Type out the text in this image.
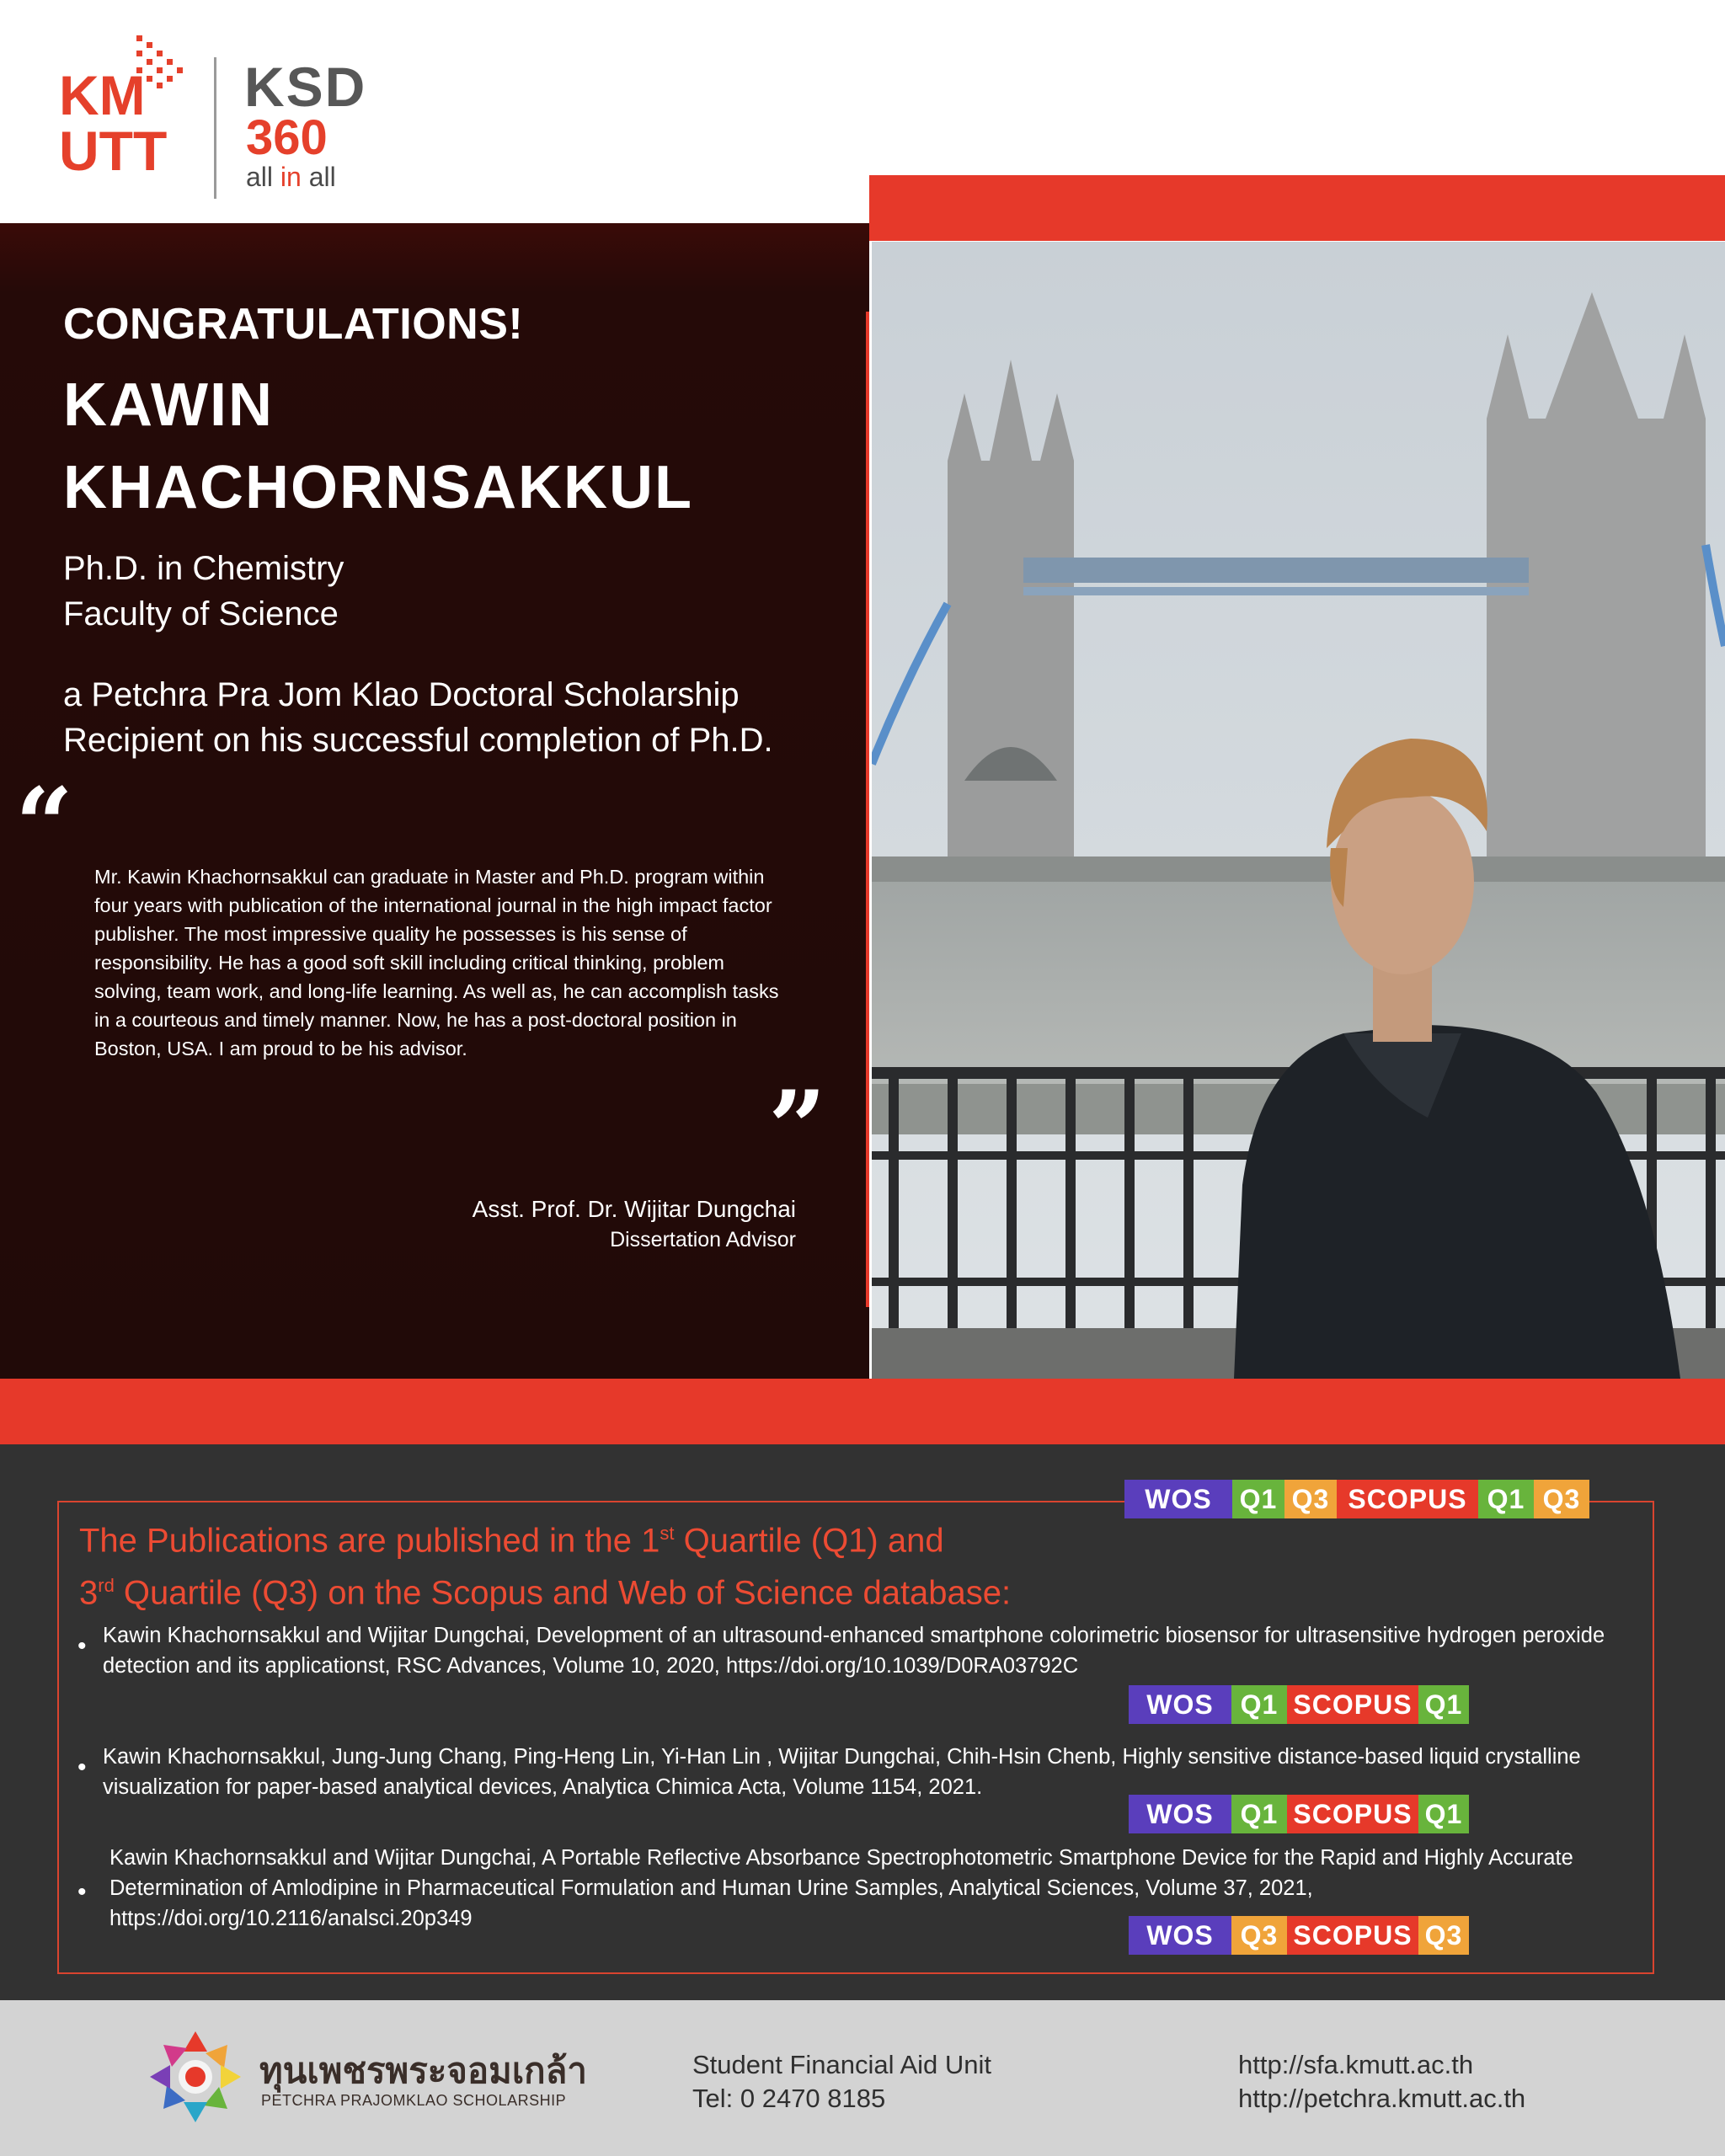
KM
UTT
KSD
360
all in all
CONGRATULATIONS!
KAWIN
KHACHORNSAKKUL
Ph.D. in Chemistry
Faculty of Science
a Petchra Pra Jom Klao Doctoral Scholarship
Recipient on his successful completion of Ph.D.
“ Mr. Kawin Khachornsakkul can graduate in Master and Ph.D. program within four years with publication of the international journal in the high impact factor publisher. The most impressive quality he possesses is his sense of responsibility. He has a good soft skill including critical thinking, problem solving, team work, and long-life learning. As well as, he can accomplish tasks in a courteous and timely manner. Now, he has a post-doctoral position in Boston, USA. I am proud to be his advisor.
”
Asst. Prof. Dr. Wijitar Dungchai
Dissertation Advisor
WOS	Q1 Q3 SCOPUS Q1 Q3
The Publications are published in the 1st Quartile (Q1) and
3rd Quartile (Q3) on the Scopus and Web of Science database:
• Kawin Khachornsakkul and Wijitar Dungchai, Development of an ultrasound-enhanced smartphone colorimetric biosensor for ultrasensitive hydrogen peroxide detection and its applicationst, RSC Advances, Volume 10, 2020, https://doi.org/10.1039/D0RA03792C
WOS Q1 SCOPUS Q1
• Kawin Khachornsakkul, Jung-Jung Chang, Ping-Heng Lin, Yi-Han Lin , Wijitar Dungchai, Chih-Hsin Chenb, Highly sensitive distance-based liquid crystalline visualization for paper-based analytical devices, Analytica Chimica Acta, Volume 1154, 2021.
WOS Q1 SCOPUS Q1
•
Kawin Khachornsakkul and Wijitar Dungchai, A Portable Reflective Absorbance Spectrophotometric Smartphone Device for the Rapid and Highly Accurate Determination of Amlodipine in Pharmaceutical Formulation and Human Urine Samples, Analytical Sciences, Volume 37, 2021, https://doi.org/10.2116/analsci.20p349
WOS Q3 SCOPUS Q3
ทุนเพชรพระจอมเกล้า
PETCHRA PRAJOMKLAO SCHOLARSHIP
Student Financial Aid Unit
Tel: 0 2470 8185
http://sfa.kmutt.ac.th
http://petchra.kmutt.ac.th
